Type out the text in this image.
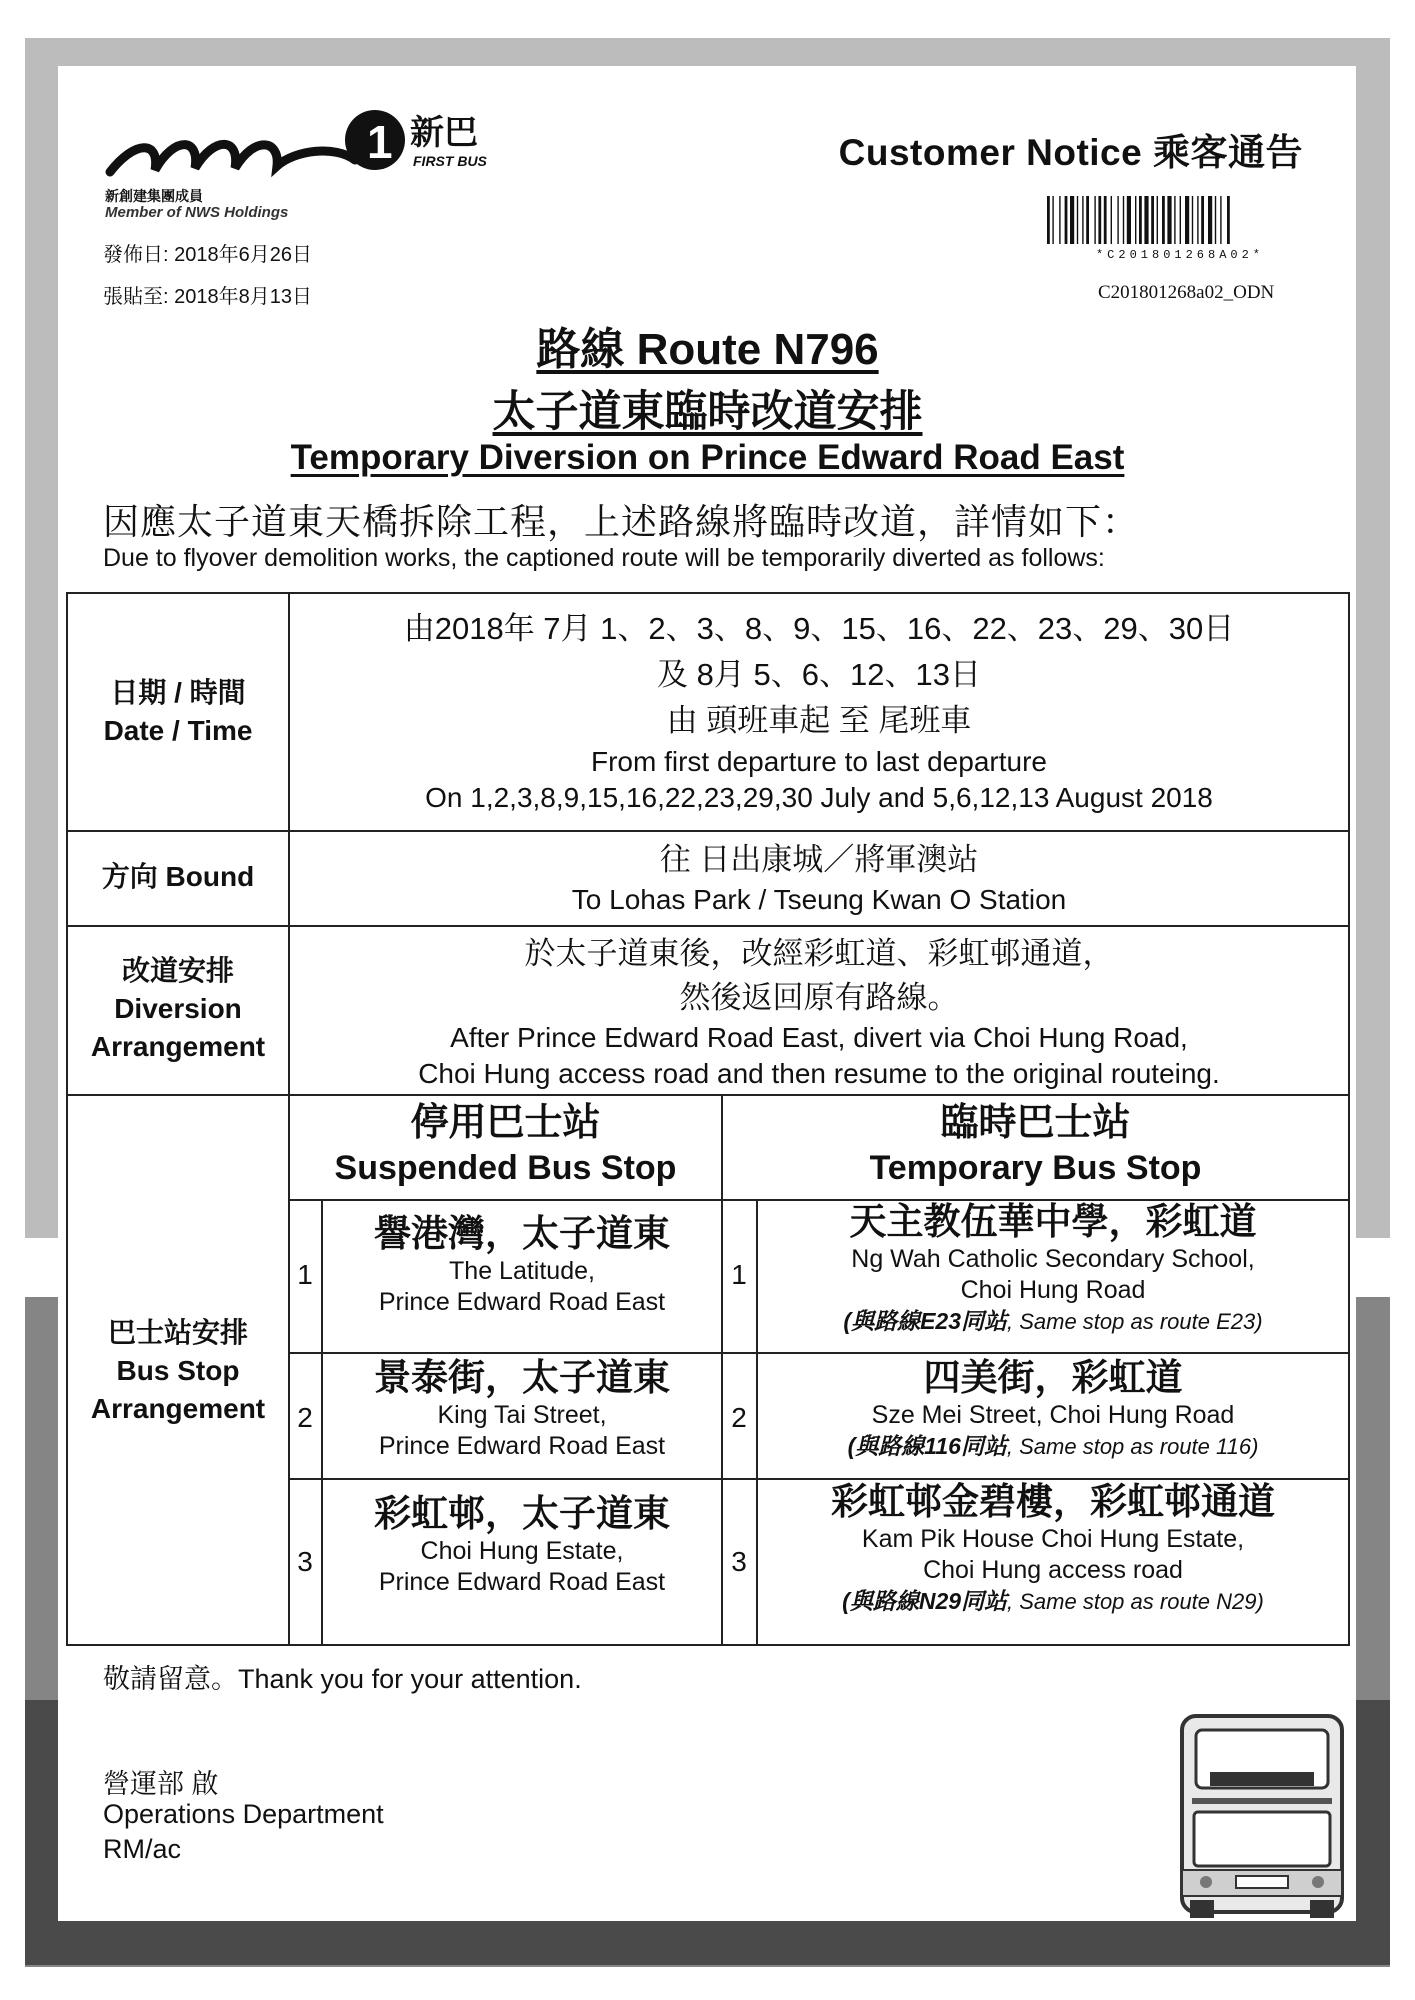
1 新巴
FIRST BUS
新創建集團成員
Member of NWS Holdings
發佈日: 2018年6月26日
張貼至: 2018年8月13日
Customer Notice 乘客通告
*C201801268A02*
C201801268a02_ODN
路線 Route N796
太子道東臨時改道安排
Temporary Diversion on Prince Edward Road East
因應太子道東天橋拆除工程，上述路線將臨時改道，詳情如下：
Due to flyover demolition works, the captioned route will be temporarily diverted as follows:
日期 / 時間
Date / Time
由2018年 7月 1、2、3、8、9、15、16、22、23、29、30日
及 8月 5、6、12、13日
由 頭班車起 至 尾班車
From first departure to last departure
On 1,2,3,8,9,15,16,22,23,29,30 July and 5,6,12,13 August 2018
方向 Bound	往 日出康城／將軍澳站
To Lohas Park / Tseung Kwan O Station
改道安排
Diversion
Arrangement
於太子道東後，改經彩虹道、彩虹邨通道，
然後返回原有路線。
After Prince Edward Road East, divert via Choi Hung Road,
Choi Hung access road and then resume to the original routeing.
巴士站安排
Bus Stop
Arrangement
停用巴士站
Suspended Bus Stop
臨時巴士站
Temporary Bus Stop
1
譽港灣，太子道東
The Latitude,
Prince Edward Road East
1
天主教伍華中學，彩虹道
Ng Wah Catholic Secondary School,
Choi Hung Road
(與路線E23同站, Same stop as route E23)
2
景泰街，太子道東
King Tai Street,
Prince Edward Road East
2
四美街，彩虹道
Sze Mei Street, Choi Hung Road
(與路線116同站, Same stop as route 116)
3
彩虹邨，太子道東
Choi Hung Estate,
Prince Edward Road East
3
彩虹邨金碧樓，彩虹邨通道
Kam Pik House Choi Hung Estate,
Choi Hung access road
(與路線N29同站, Same stop as route N29)
敬請留意。Thank you for your attention.
營運部 啟
Operations Department
RM/ac
